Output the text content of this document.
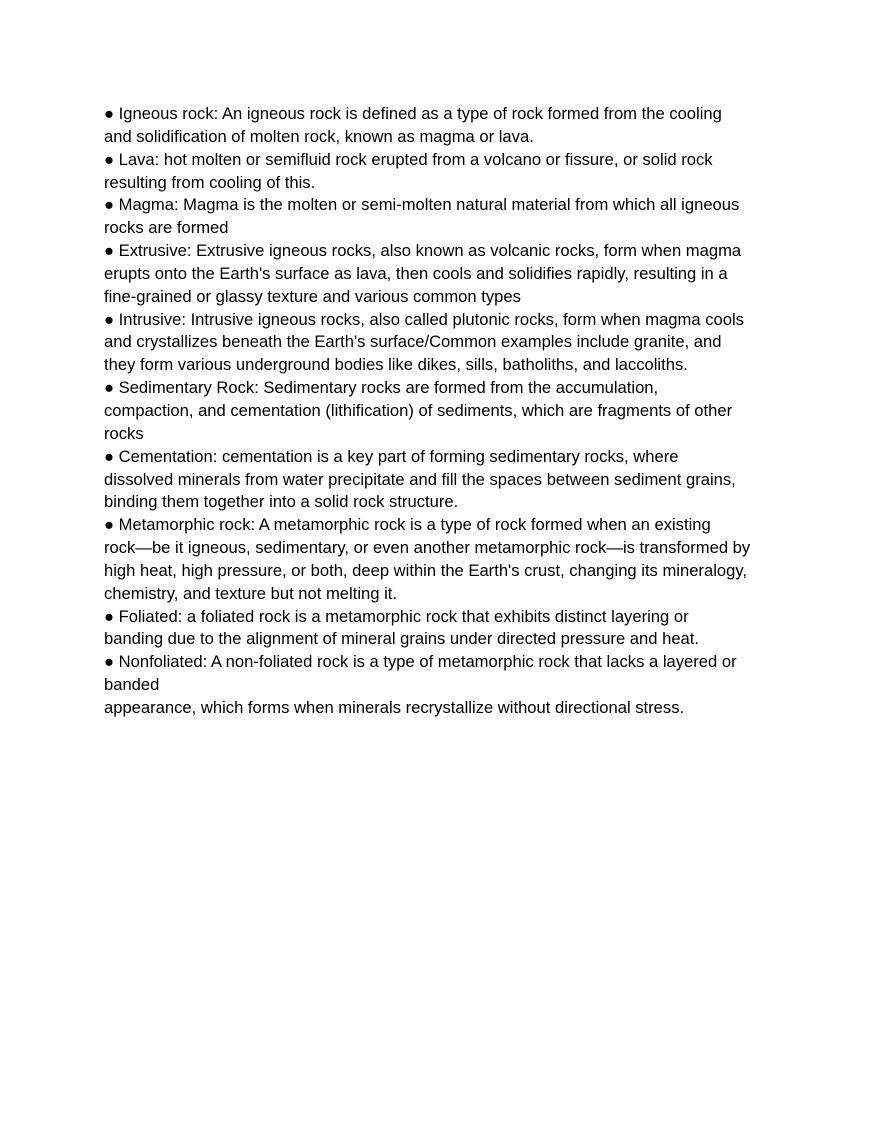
● Igneous rock: An igneous rock is defined as a type of rock formed from the cooling
and solidification of molten rock, known as magma or lava.

● Lava: hot molten or semifluid rock erupted from a volcano or fissure, or solid rock
resulting from cooling of this.

● Magma: Magma is the molten or semi-molten natural material from which all igneous
rocks are formed

● Extrusive: Extrusive igneous rocks, also known as volcanic rocks, form when magma
erupts onto the Earth's surface as lava, then cools and solidifies rapidly, resulting in a
fine-grained or glassy texture and various common types

● Intrusive: Intrusive igneous rocks, also called plutonic rocks, form when magma cools
and crystallizes beneath the Earth's surface/Common examples include granite, and
they form various underground bodies like dikes, sills, batholiths, and laccoliths.

● Sedimentary Rock: Sedimentary rocks are formed from the accumulation,
compaction, and cementation (lithification) of sediments, which are fragments of other
rocks

● Cementation: cementation is a key part of forming sedimentary rocks, where
dissolved minerals from water precipitate and fill the spaces between sediment grains,
binding them together into a solid rock structure.

● Metamorphic rock: A metamorphic rock is a type of rock formed when an existing
rock—be it igneous, sedimentary, or even another metamorphic rock—is transformed by
high heat, high pressure, or both, deep within the Earth's crust, changing its mineralogy,
chemistry, and texture but not melting it.

● Foliated: a foliated rock is a metamorphic rock that exhibits distinct layering or
banding due to the alignment of mineral grains under directed pressure and heat.

● Nonfoliated: A non-foliated rock is a type of metamorphic rock that lacks a layered or
banded
appearance, which forms when minerals recrystallize without directional stress.
